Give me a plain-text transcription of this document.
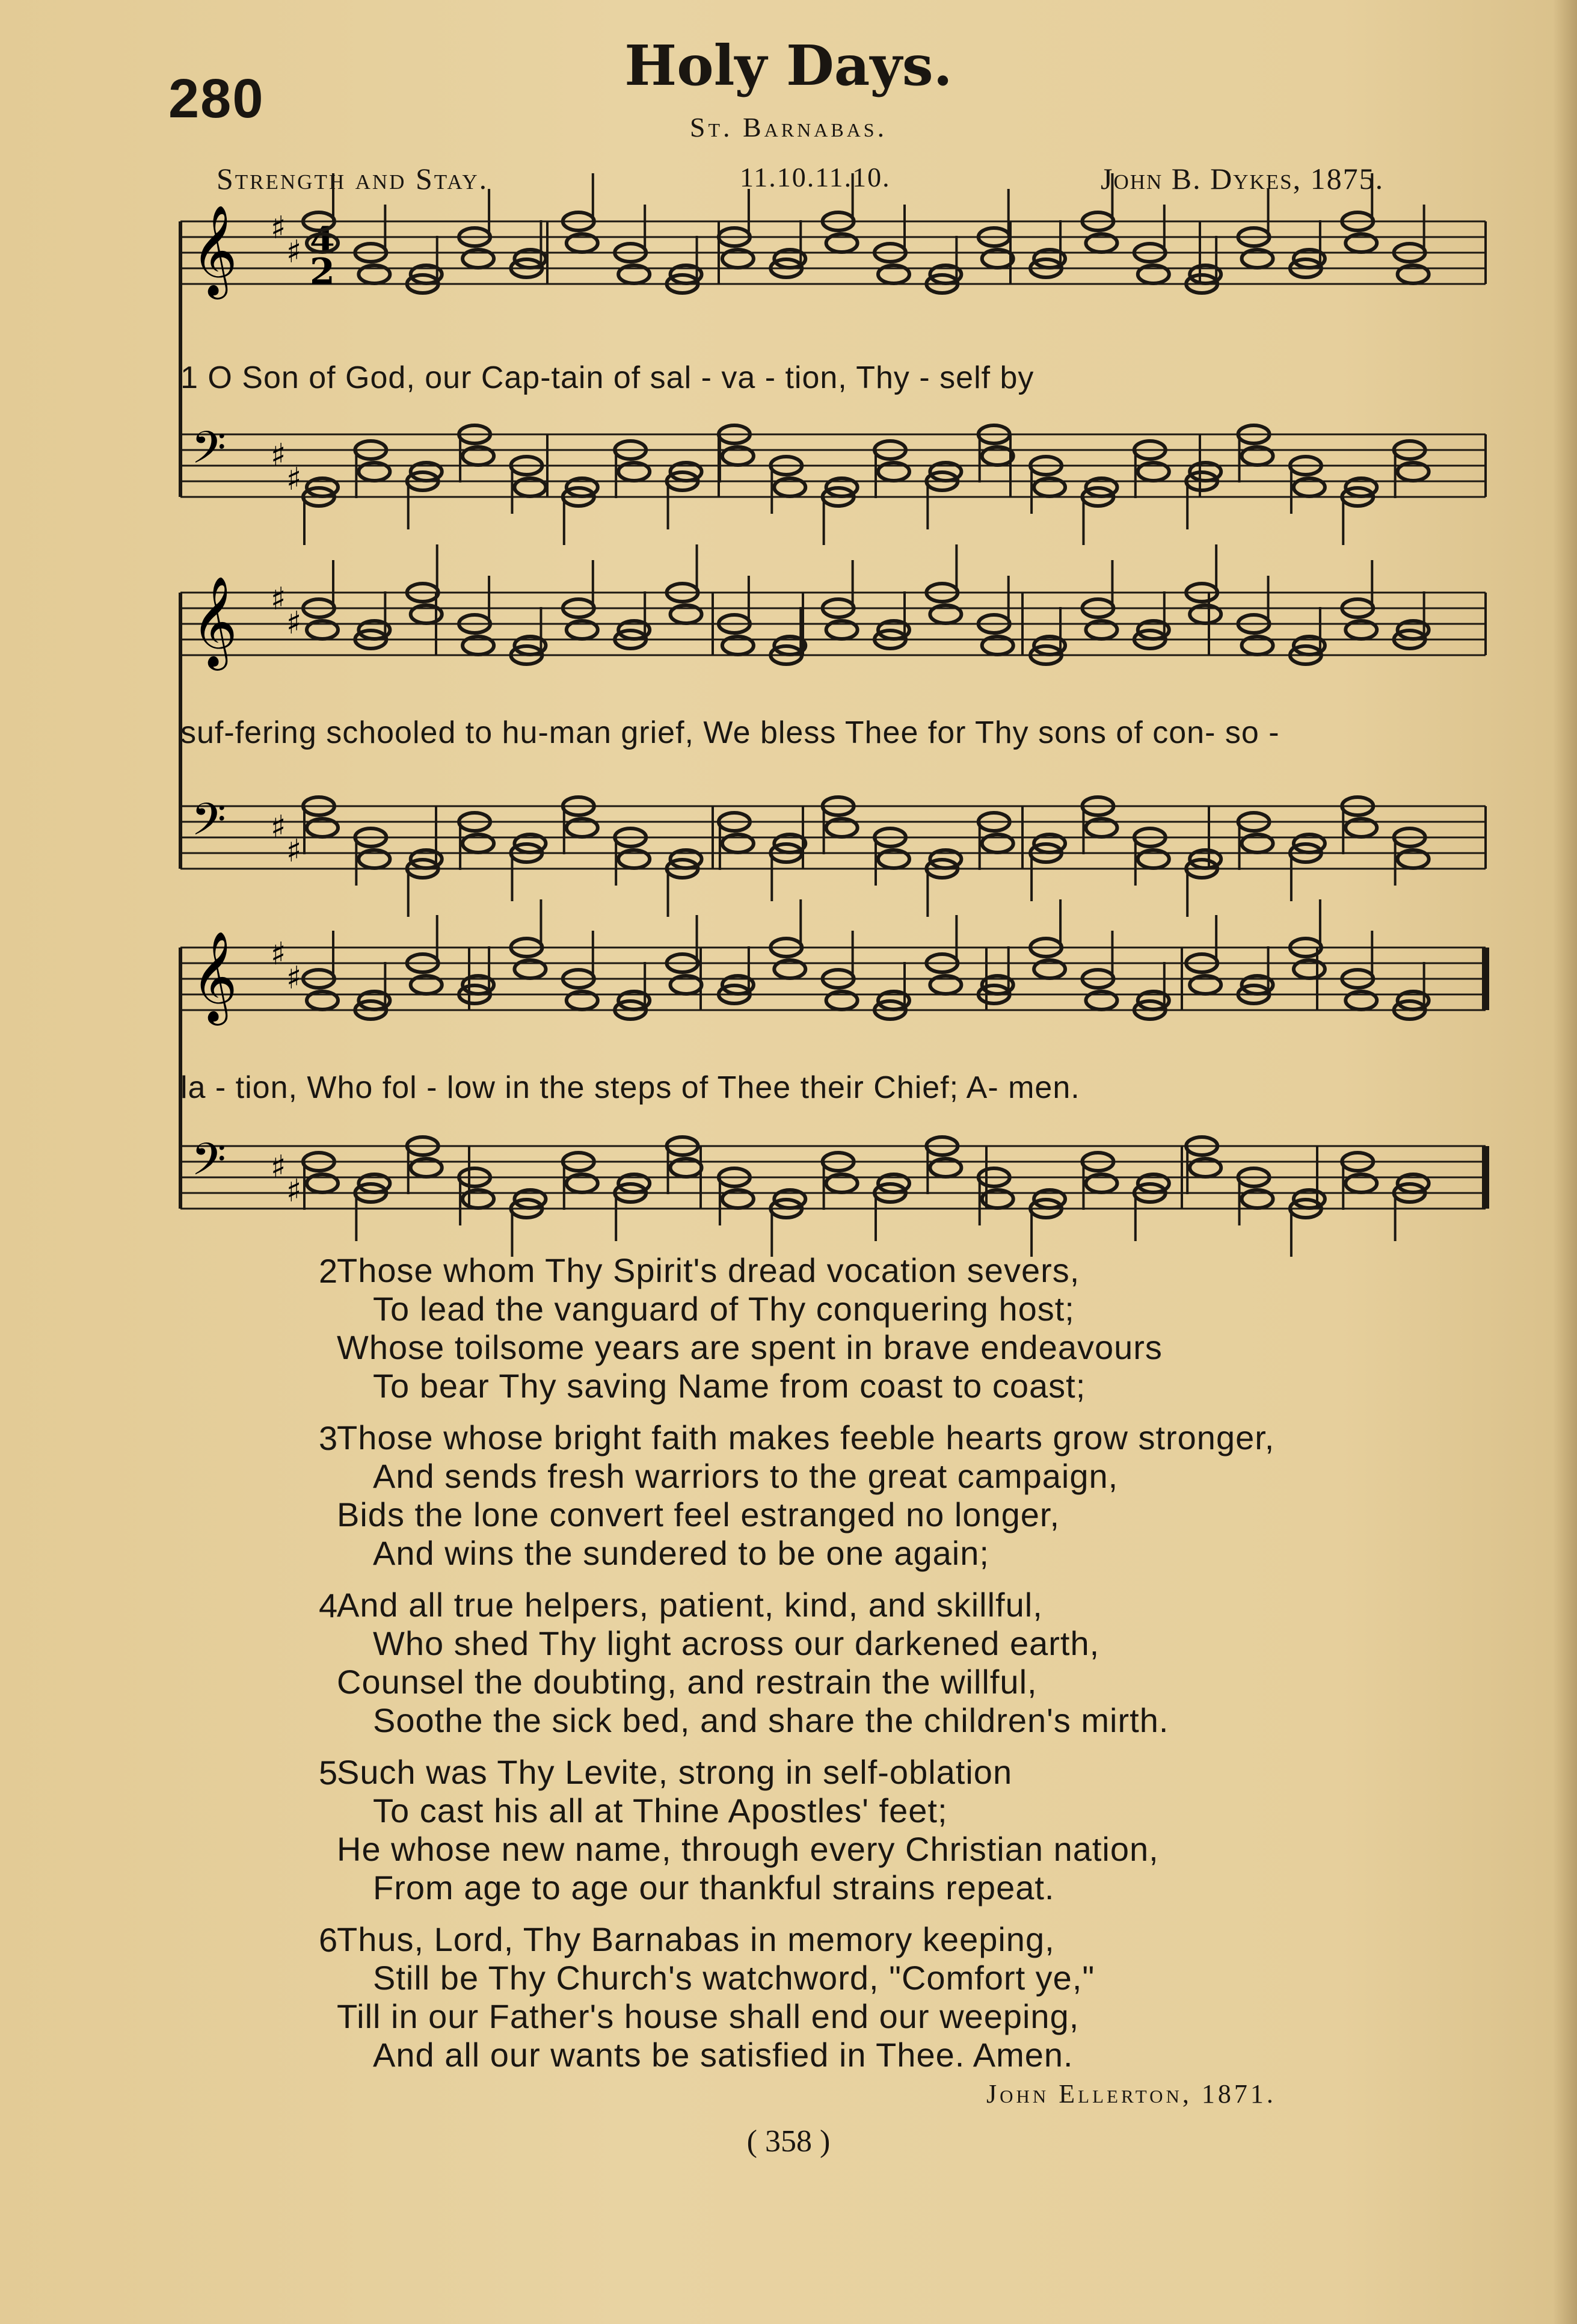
280
Holy Days.
St. Barnabas.
Strength and Stay.	11.10.11.10.	John B. Dykes, 1875.
𝄞 ♯
♯
𝄢 ♯
♯
𝄞 ♯
♯
𝄢 ♯
♯
𝄞 ♯
♯
𝄢 ♯
♯
4
2
1 O Son of God, our Cap-tain of sal - va - tion, Thy - self by
suf-fering schooled to hu-man grief, We bless Thee for Thy sons of con- so -
la - tion, Who fol - low in the steps of Thee their Chief; A- men.
2
Those whom Thy Spirit's dread vocation severs,
To lead the vanguard of Thy conquering host;
Whose toilsome years are spent in brave endeavours
To bear Thy saving Name from coast to coast;
3
Those whose bright faith makes feeble hearts grow stronger,
And sends fresh warriors to the great campaign,
Bids the lone convert feel estranged no longer,
And wins the sundered to be one again;
4
And all true helpers, patient, kind, and skillful,
Who shed Thy light across our darkened earth,
Counsel the doubting, and restrain the willful,
Soothe the sick bed, and share the children's mirth.
5
Such was Thy Levite, strong in self-oblation
To cast his all at Thine Apostles' feet;
He whose new name, through every Christian nation,
From age to age our thankful strains repeat.
6
Thus, Lord, Thy Barnabas in memory keeping,
Still be Thy Church's watchword, "Comfort ye,"
Till in our Father's house shall end our weeping,
And all our wants be satisfied in Thee. Amen.
John Ellerton, 1871.
( 358 )
